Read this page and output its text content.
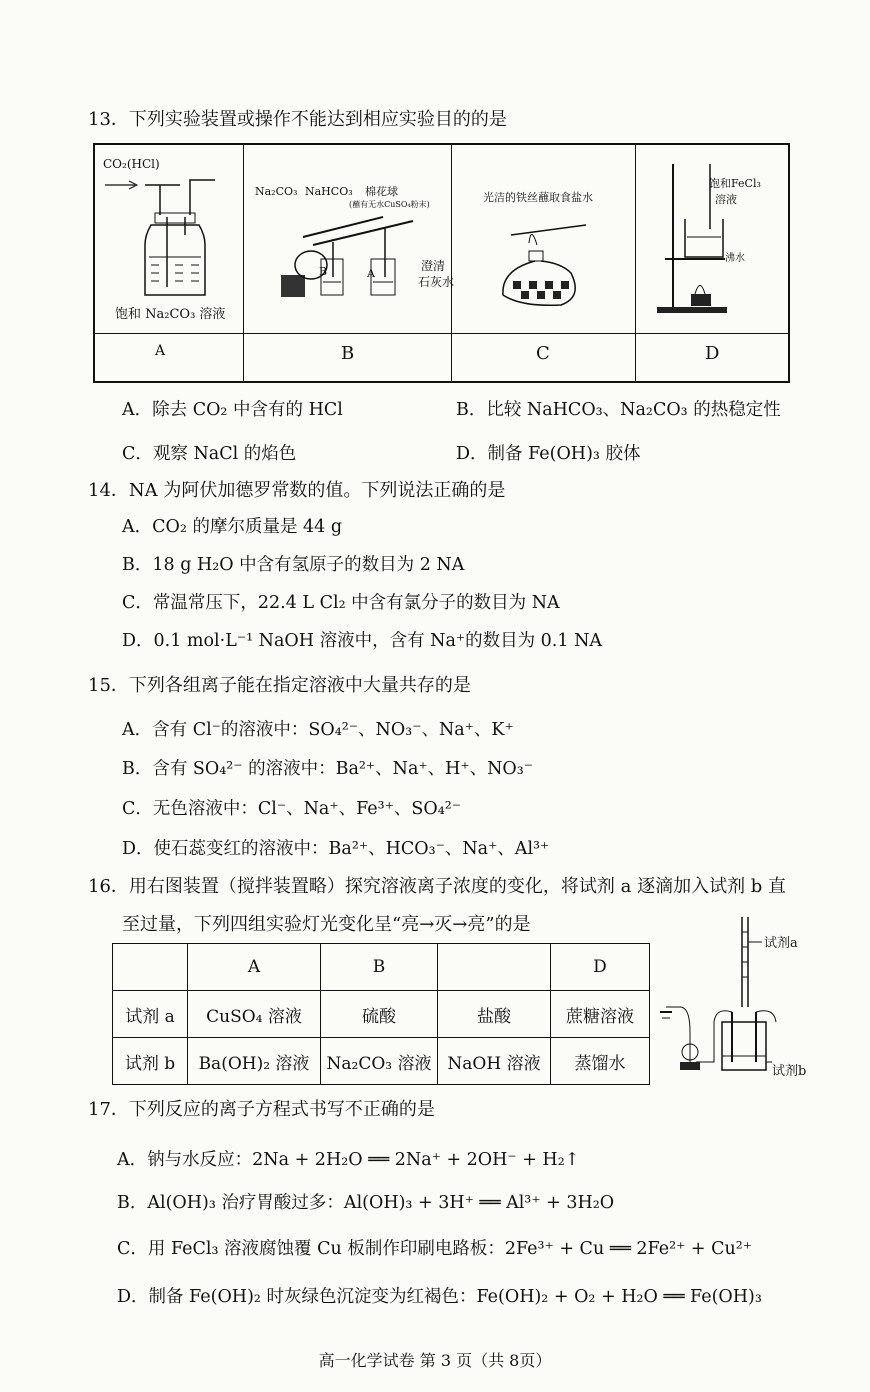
13．下列实验装置或操作不能达到相应实验目的的是
CO₂(HCl)
饱和 Na₂CO₃ 溶液
Na₂CO₃ NaHCO₃ 棉花球
(蘸有无水CuSO₄粉末)
B	A
澄清
石灰水
光洁的铁丝蘸取食盐水
饱和FeCl₃
溶液
沸水
A	B	C	D
A．除去 CO₂ 中含有的 HCl	B．比较 NaHCO₃、Na₂CO₃ 的热稳定性
C．观察 NaCl 的焰色	D．制备 Fe(OH)₃ 胶体
14．NA 为阿伏加德罗常数的值。下列说法正确的是
A．CO₂ 的摩尔质量是 44 g
B．18 g H₂O 中含有氢原子的数目为 2 NA
C．常温常压下，22.4 L Cl₂ 中含有氯分子的数目为 NA
D．0.1 mol·L⁻¹ NaOH 溶液中，含有 Na⁺的数目为 0.1 NA
15．下列各组离子能在指定溶液中大量共存的是
A．含有 Cl⁻的溶液中：SO₄²⁻、NO₃⁻、Na⁺、K⁺
B．含有 SO₄²⁻ 的溶液中：Ba²⁺、Na⁺、H⁺、NO₃⁻
C．无色溶液中：Cl⁻、Na⁺、Fe³⁺、SO₄²⁻
D．使石蕊变红的溶液中：Ba²⁺、HCO₃⁻、Na⁺、Al³⁺
16．用右图装置（搅拌装置略）探究溶液离子浓度的变化，将试剂 a 逐滴加入试剂 b 直
至过量，下列四组实验灯光变化呈“亮→灭→亮”的是
	A	B		D
试剂 a	CuSO₄ 溶液	硫酸	盐酸	蔗糖溶液
试剂 b	Ba(OH)₂ 溶液	Na₂CO₃ 溶液	NaOH 溶液	蒸馏水
试剂a
试剂b
17．下列反应的离子方程式书写不正确的是
A．钠与水反应：2Na + 2H₂O ══ 2Na⁺ + 2OH⁻ + H₂↑
B．Al(OH)₃ 治疗胃酸过多：Al(OH)₃ + 3H⁺ ══ Al³⁺ + 3H₂O
C．用 FeCl₃ 溶液腐蚀覆 Cu 板制作印刷电路板：2Fe³⁺ + Cu ══ 2Fe²⁺ + Cu²⁺
D．制备 Fe(OH)₂ 时灰绿色沉淀变为红褐色：Fe(OH)₂ + O₂ + H₂O ══ Fe(OH)₃
高一化学试卷 第 3 页（共 8页）
